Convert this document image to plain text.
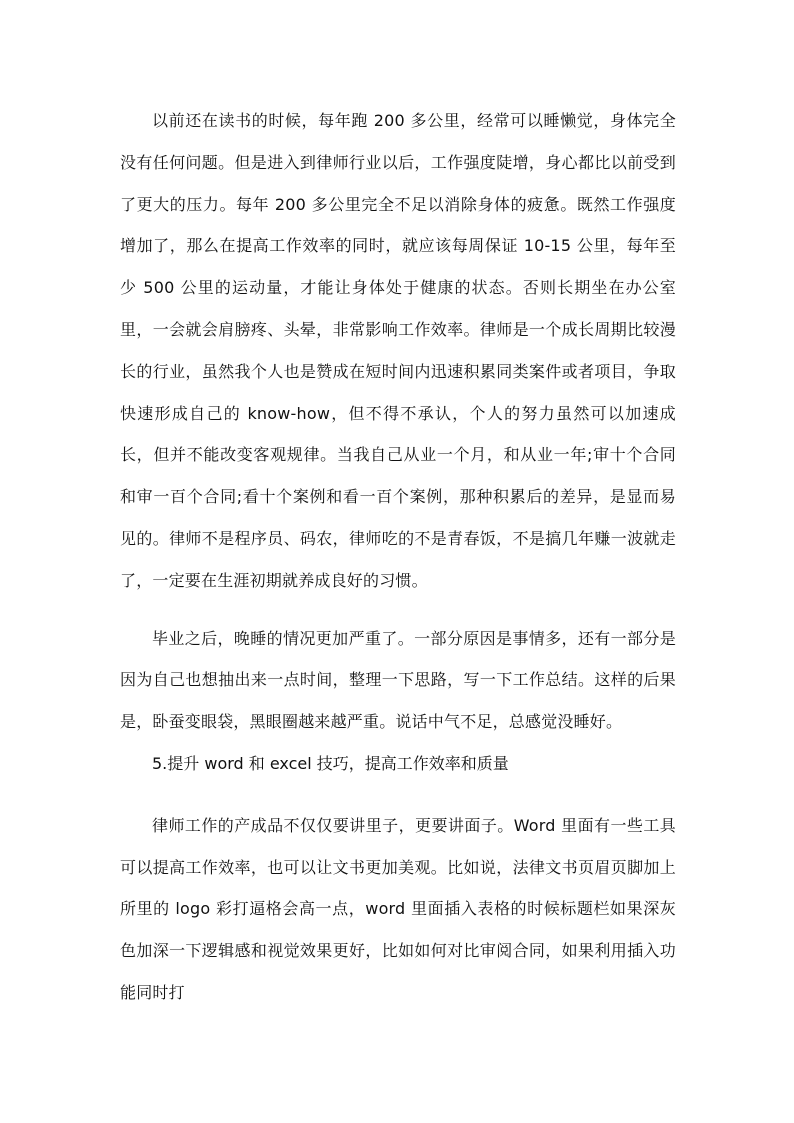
以前还在读书的时候，每年跑 200 多公里，经常可以睡懒觉，身体完全没有任何问题。但是进入到律师行业以后，工作强度陡增，身心都比以前受到了更大的压力。每年 200 多公里完全不足以消除身体的疲惫。既然工作强度增加了，那么在提高工作效率的同时，就应该每周保证 10-15 公里，每年至少 500 公里的运动量，才能让身体处于健康的状态。否则长期坐在办公室里，一会就会肩膀疼、头晕，非常影响工作效率。律师是一个成长周期比较漫长的行业，虽然我个人也是赞成在短时间内迅速积累同类案件或者项目，争取快速形成自己的 know-how，但不得不承认，个人的努力虽然可以加速成长，但并不能改变客观规律。当我自己从业一个月，和从业一年;审十个合同和审一百个合同;看十个案例和看一百个案例，那种积累后的差异，是显而易见的。律师不是程序员、码农，律师吃的不是青春饭，不是搞几年赚一波就走了，一定要在生涯初期就养成良好的习惯。

毕业之后，晚睡的情况更加严重了。一部分原因是事情多，还有一部分是因为自己也想抽出来一点时间，整理一下思路，写一下工作总结。这样的后果是，卧蚕变眼袋，黑眼圈越来越严重。说话中气不足，总感觉没睡好。

5.提升 word 和 excel 技巧，提高工作效率和质量

律师工作的产成品不仅仅要讲里子，更要讲面子。Word 里面有一些工具可以提高工作效率，也可以让文书更加美观。比如说，法律文书页眉页脚加上所里的 logo 彩打逼格会高一点，word 里面插入表格的时候标题栏如果深灰色加深一下逻辑感和视觉效果更好，比如如何对比审阅合同，如果利用插入功能同时打
